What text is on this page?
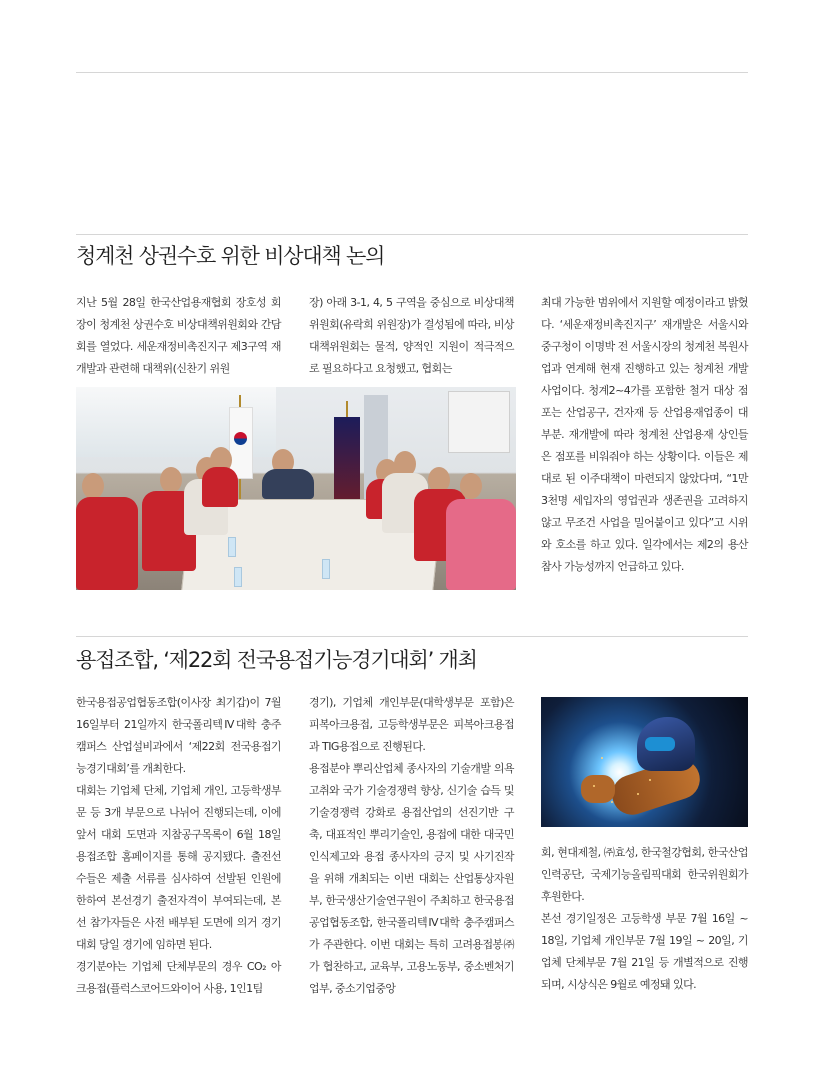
청계천 상권수호 위한 비상대책 논의

지난 5월 28일 한국산업용재협회 장호성 회장이 청계천 상권수호 비상대책위원회와 간담회를 열었다. 세운재정비촉진지구 제3구역 재개발과 관련해 대책위(신찬기 위원

장) 아래 3-1, 4, 5 구역을 중심으로 비상대책위원회(유락희 위원장)가 결성됨에 따라, 비상대책위원회는 물적, 양적인 지원이 적극적으로 필요하다고 요청했고, 협회는

최대 가능한 범위에서 지원할 예정이라고 밝혔다. ‘세운재정비촉진지구’ 재개발은 서울시와 중구청이 이명박 전 서울시장의 청계천 복원사업과 연계해 현재 진행하고 있는 청계천 개발 사업이다. 청계2~4가를 포함한 철거 대상 점포는 산업공구, 건자재 등 산업용재업종이 대부분. 재개발에 따라 청계천 산업용재 상인들은 점포를 비워줘야 하는 상황이다. 이들은 제대로 된 이주대책이 마련되지 않았다며, “1만3천명 세입자의 영업권과 생존권을 고려하지 않고 무조건 사업을 밀어붙이고 있다”고 시위와 호소를 하고 있다. 일각에서는 제2의 용산참사 가능성까지 언급하고 있다.

용접조합, ‘제22회 전국용접기능경기대회’ 개최

한국용접공업협동조합(이사장 최기갑)이 7월 16일부터 21일까지 한국폴리텍Ⅳ대학 충주캠퍼스 산업설비과에서 ‘제22회 전국용접기능경기대회’를 개최한다.

대회는 기업체 단체, 기업체 개인, 고등학생부문 등 3개 부문으로 나뉘어 진행되는데, 이에 앞서 대회 도면과 지참공구목록이 6월 18일 용접조합 홈페이지를 통해 공지됐다. 출전선수들은 제출 서류를 심사하여 선발된 인원에 한하여 본선경기 출전자격이 부여되는데, 본선 참가자들은 사전 배부된 도면에 의거 경기대회 당일 경기에 임하면 된다.

경기분야는 기업체 단체부문의 경우 CO₂ 아크용접(플럭스코어드와이어 사용, 1인1팀

경기), 기업체 개인부문(대학생부문 포함)은 피복아크용접, 고등학생부문은 피복아크용접과 TIG용접으로 진행된다.

용접분야 뿌리산업체 종사자의 기술개발 의욕 고취와 국가 기술경쟁력 향상, 신기술 습득 및 기술경쟁력 강화로 용접산업의 선진기반 구축, 대표적인 뿌리기술인, 용접에 대한 대국민 인식제고와 용접 종사자의 긍지 및 사기진작을 위해 개최되는 이번 대회는 산업통상자원부, 한국생산기술연구원이 주최하고 한국용접공업협동조합, 한국폴리텍Ⅳ대학 충주캠퍼스가 주관한다. 이번 대회는 특히 고려용접봉㈜가 협찬하고, 교육부, 고용노동부, 중소벤처기업부, 중소기업중앙

회, 현대제철, ㈜효성, 한국철강협회, 한국산업인력공단, 국제기능올림픽대회 한국위원회가 후원한다.

본선 경기일정은 고등학생 부문 7월 16일 ~ 18일, 기업체 개인부문 7월 19일 ~ 20일, 기업체 단체부문 7월 21일 등 개별적으로 진행되며, 시상식은 9월로 예정돼 있다.
